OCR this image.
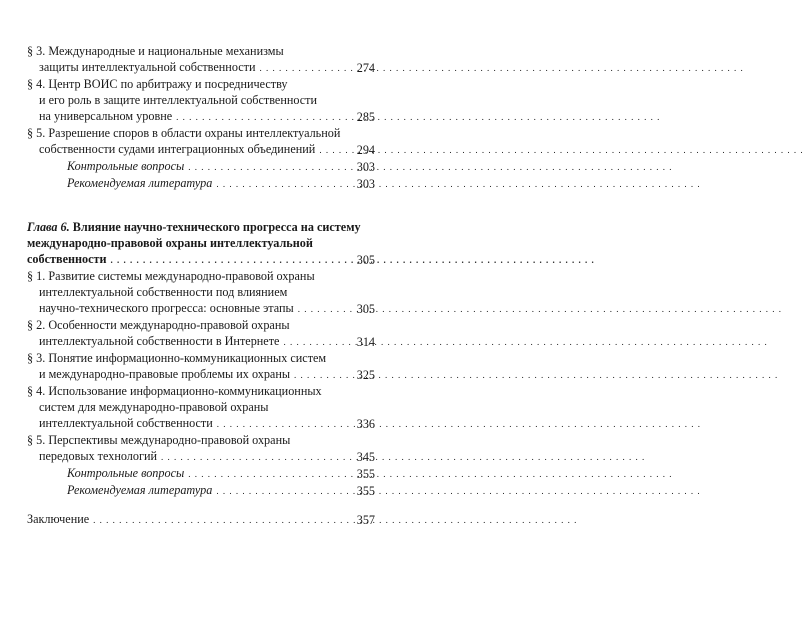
§ 3. Международные и национальные механизмы
защиты интеллектуальной собственности . . .	274
§ 4. Центр ВОИС по арбитражу и посредничеству
и его роль в защите интеллектуальной собственности
на универсальном уровне . . .	285
§ 5. Разрешение споров в области охраны интеллектуальной
собственности судами интеграционных объединений . . .	294
Контрольные вопросы . . .	303
Рекомендуемая литература . . .	303
Глава 6. Влияние научно-технического прогресса на систему
международно-правовой охраны интеллектуальной
собственности . . .	305
§ 1. Развитие системы международно-правовой охраны
интеллектуальной собственности под влиянием
научно-технического прогресса: основные этапы . . .	305
§ 2. Особенности международно-правовой охраны
интеллектуальной собственности в Интернете . . .	314
§ 3. Понятие информационно-коммуникационных систем
и международно-правовые проблемы их охраны . . .	325
§ 4. Использование информационно-коммуникационных
систем для международно-правовой охраны
интеллектуальной собственности . . .	336
§ 5. Перспективы международно-правовой охраны
передовых технологий . . .	345
Контрольные вопросы . . .	355
Рекомендуемая литература . . .	355
Заключение . . .	357
